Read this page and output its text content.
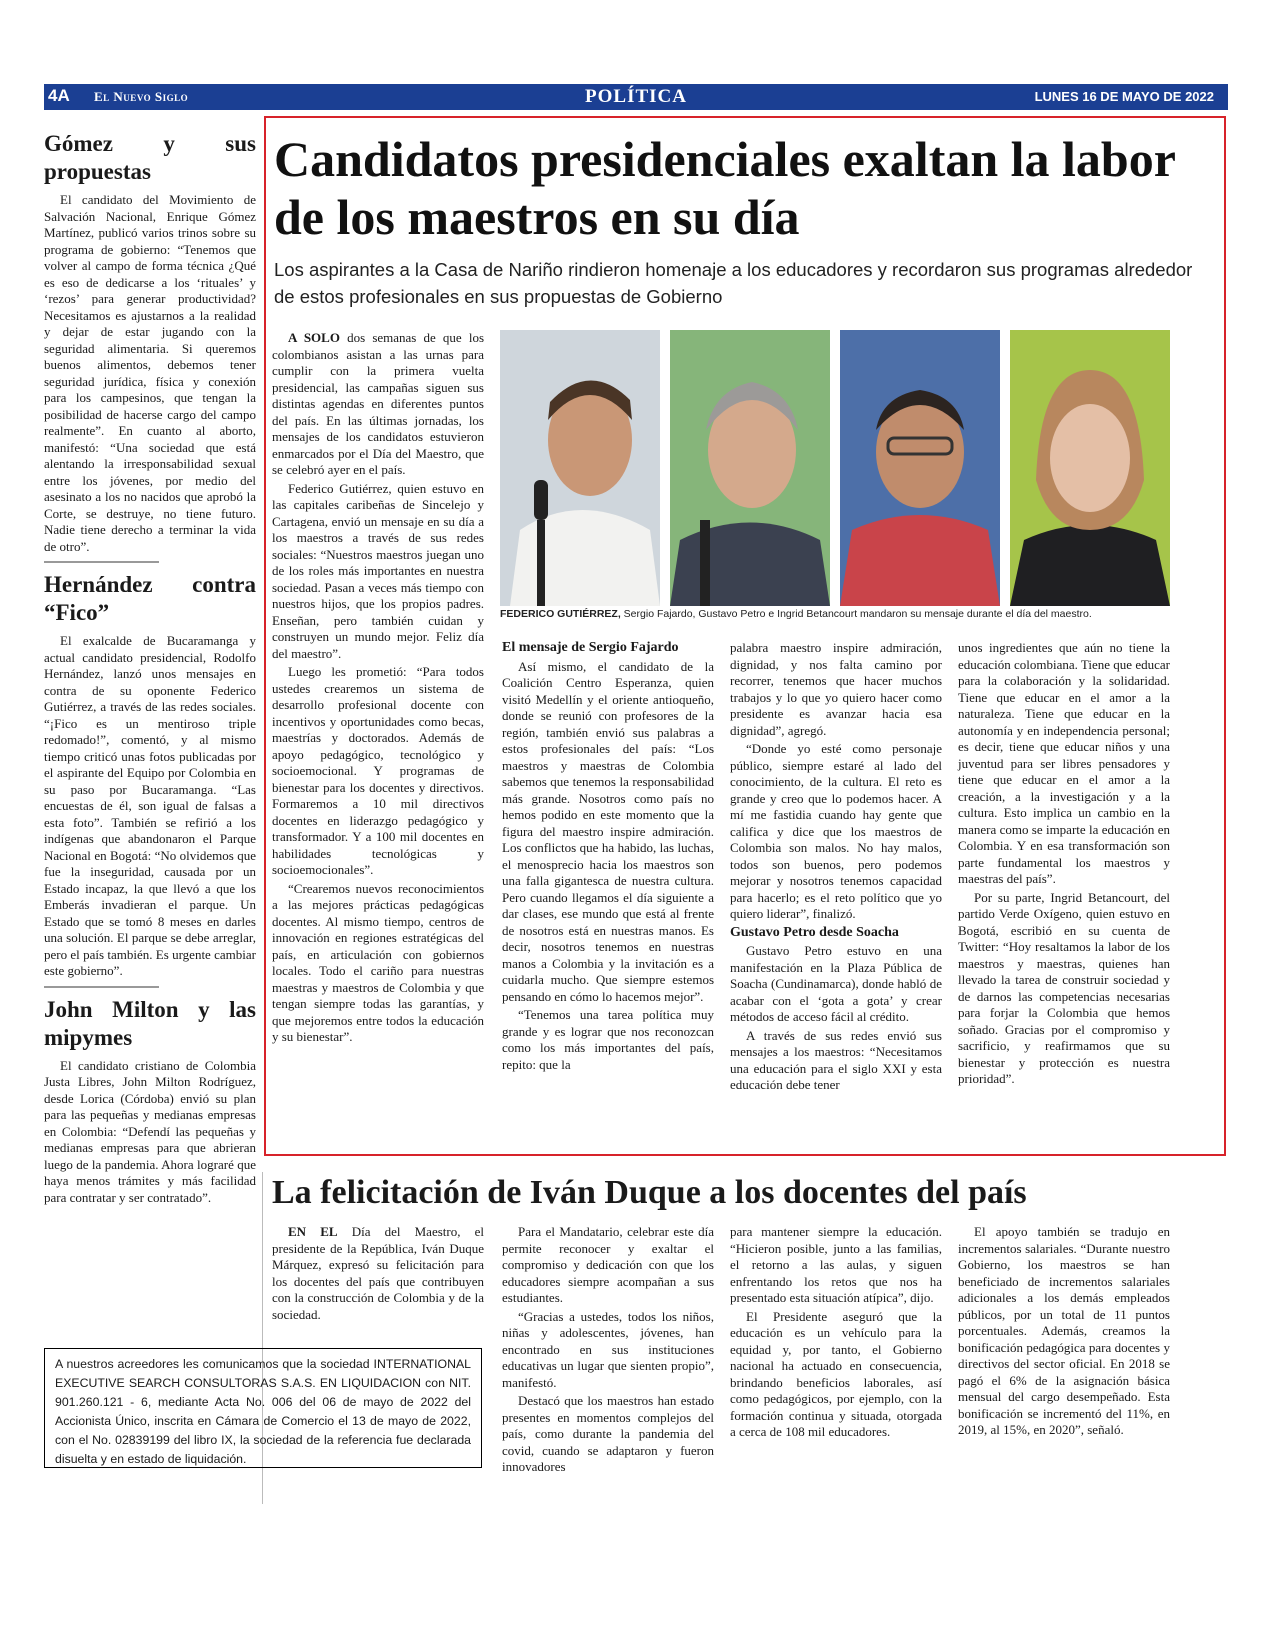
4A El Nuevo Siglo	POLÍTICA	LUNES 16 DE MAYO DE 2022
Gómez y sus propuestas

El candidato del Movimiento de Salvación Nacional, Enrique Gómez Martínez, publicó varios trinos sobre su programa de gobierno: “Tenemos que volver al campo de forma técnica ¿Qué es eso de dedicarse a los ‘rituales’ y ‘rezos’ para generar productividad? Necesitamos es ajustarnos a la realidad y dejar de estar jugando con la seguridad alimentaria. Si queremos buenos alimentos, debemos tener seguridad jurídica, física y conexión para los campesinos, que tengan la posibilidad de hacerse cargo del campo realmente”. En cuanto al aborto, manifestó: “Una sociedad que está alentando la irresponsabilidad sexual entre los jóvenes, por medio del asesinato a los no nacidos que aprobó la Corte, se destruye, no tiene futuro. Nadie tiene derecho a terminar la vida de otro”.

Hernández contra “Fico”

El exalcalde de Bucaramanga y actual candidato presidencial, Rodolfo Hernández, lanzó unos mensajes en contra de su oponente Federico Gutiérrez, a través de las redes sociales. “¡Fico es un mentiroso triple redomado!”, comentó, y al mismo tiempo criticó unas fotos publicadas por el aspirante del Equipo por Colombia en su paso por Bucaramanga. “Las encuestas de él, son igual de falsas a esta foto”. También se refirió a los indígenas que abandonaron el Parque Nacional en Bogotá: “No olvidemos que fue la inseguridad, causada por un Estado incapaz, la que llevó a que los Emberás invadieran el parque. Un Estado que se tomó 8 meses en darles una solución. El parque se debe arreglar, pero el país también. Es urgente cambiar este gobierno”.

John Milton y las mipymes

El candidato cristiano de Colombia Justa Libres, John Milton Rodríguez, desde Lorica (Córdoba) envió su plan para las pequeñas y medianas empresas en Colombia: “Defendí las pequeñas y medianas empresas para que abrieran luego de la pandemia. Ahora lograré que haya menos trámites y más facilidad para contratar y ser contratado”.

Candidatos presidenciales exaltan la labor de los maestros en su día
Los aspirantes a la Casa de Nariño rindieron homenaje a los educadores y recordaron sus programas alrededor de estos profesionales en sus propuestas de Gobierno

A SOLO dos semanas de que los colombianos asistan a las urnas para cumplir con la primera vuelta presidencial, las campañas siguen sus distintas agendas en diferentes puntos del país. En las últimas jornadas, los mensajes de los candidatos estuvieron enmarcados por el Día del Maestro, que se celebró ayer en el país.

Federico Gutiérrez, quien estuvo en las capitales caribeñas de Sincelejo y Cartagena, envió un mensaje en su día a los maestros a través de sus redes sociales: “Nuestros maestros juegan uno de los roles más importantes en nuestra sociedad. Pasan a veces más tiempo con nuestros hijos, que los propios padres. Enseñan, pero también cuidan y construyen un mundo mejor. Feliz día del maestro”.

Luego les prometió: “Para todos ustedes crearemos un sistema de desarrollo profesional docente con incentivos y oportunidades como becas, maestrías y doctorados. Además de apoyo pedagógico, tecnológico y socioemocional. Y programas de bienestar para los docentes y directivos. Formaremos a 10 mil directivos docentes en liderazgo pedagógico y transformador. Y a 100 mil docentes en habilidades tecnológicas y socioemocionales”.

“Crearemos nuevos reconocimientos a las mejores prácticas pedagógicas docentes. Al mismo tiempo, centros de innovación en regiones estratégicas del país, en articulación con gobiernos locales. Todo el cariño para nuestras maestras y maestros de Colombia y que tengan siempre todas las garantías, y que mejoremos entre todos la educación y su bienestar”.

FEDERICO GUTIÉRREZ, Sergio Fajardo, Gustavo Petro e Ingrid Betancourt mandaron su mensaje durante el día del maestro.

El mensaje de Sergio Fajardo

Así mismo, el candidato de la Coalición Centro Esperanza, quien visitó Medellín y el oriente antioqueño, donde se reunió con profesores de la región, también envió sus palabras a estos profesionales del país: “Los maestros y maestras de Colombia sabemos que tenemos la responsabilidad más grande. Nosotros como país no hemos podido en este momento que la figura del maestro inspire admiración. Los conflictos que ha habido, las luchas, el menosprecio hacia los maestros son una falla gigantesca de nuestra cultura. Pero cuando llegamos el día siguiente a dar clases, ese mundo que está al frente de nosotros está en nuestras manos. Es decir, nosotros tenemos en nuestras manos a Colombia y la invitación es a cuidarla mucho. Que siempre estemos pensando en cómo lo hacemos mejor”.

“Tenemos una tarea política muy grande y es lograr que nos reconozcan como los más importantes del país, repito: que la

palabra maestro inspire admiración, dignidad, y nos falta camino por recorrer, tenemos que hacer muchos trabajos y lo que yo quiero hacer como presidente es avanzar hacia esa dignidad”, agregó.

“Donde yo esté como personaje público, siempre estaré al lado del conocimiento, de la cultura. El reto es grande y creo que lo podemos hacer. A mí me fastidia cuando hay gente que califica y dice que los maestros de Colombia son malos. No hay malos, todos son buenos, pero podemos mejorar y nosotros tenemos capacidad para hacerlo; es el reto político que yo quiero liderar”, finalizó.

Gustavo Petro desde Soacha

Gustavo Petro estuvo en una manifestación en la Plaza Pública de Soacha (Cundinamarca), donde habló de acabar con el ‘gota a gota’ y crear métodos de acceso fácil al crédito.

A través de sus redes envió sus mensajes a los maestros: “Necesitamos una educación para el siglo XXI y esta educación debe tener

unos ingredientes que aún no tiene la educación colombiana. Tiene que educar para la colaboración y la solidaridad. Tiene que educar en el amor a la naturaleza. Tiene que educar en la autonomía y en independencia personal; es decir, tiene que educar niños y una juventud para ser libres pensadores y tiene que educar en el amor a la creación, a la investigación y a la cultura. Esto implica un cambio en la manera como se imparte la educación en Colombia. Y en esa transformación son parte fundamental los maestros y maestras del país”.

Por su parte, Ingrid Betancourt, del partido Verde Oxígeno, quien estuvo en Bogotá, escribió en su cuenta de Twitter: “Hoy resaltamos la labor de los maestros y maestras, quienes han llevado la tarea de construir sociedad y de darnos las competencias necesarias para forjar la Colombia que hemos soñado. Gracias por el compromiso y sacrificio, y reafirmamos que su bienestar y protección es nuestra prioridad”.

La felicitación de Iván Duque a los docentes del país

EN EL Día del Maestro, el presidente de la República, Iván Duque Márquez, expresó su felicitación para los docentes del país que contribuyen con la construcción de Colombia y de la sociedad.

Para el Mandatario, celebrar este día permite reconocer y exaltar el compromiso y dedicación con que los educadores siempre acompañan a sus estudiantes.

“Gracias a ustedes, todos los niños, niñas y adolescentes, jóvenes, han encontrado en sus instituciones educativas un lugar que sienten propio”, manifestó.

Destacó que los maestros han estado presentes en momentos complejos del país, como durante la pandemia del covid, cuando se adaptaron y fueron innovadores

para mantener siempre la educación. “Hicieron posible, junto a las familias, el retorno a las aulas, y siguen enfrentando los retos que nos ha presentado esta situación atípica”, dijo.

El Presidente aseguró que la educación es un vehículo para la equidad y, por tanto, el Gobierno nacional ha actuado en consecuencia, brindando beneficios laborales, así como pedagógicos, por ejemplo, con la formación continua y situada, otorgada a cerca de 108 mil educadores.

El apoyo también se tradujo en incrementos salariales. “Durante nuestro Gobierno, los maestros se han beneficiado de incrementos salariales adicionales a los demás empleados públicos, por un total de 11 puntos porcentuales. Además, creamos la bonificación pedagógica para docentes y directivos del sector oficial. En 2018 se pagó el 6% de la asignación básica mensual del cargo desempeñado. Esta bonificación se incrementó del 11%, en 2019, al 15%, en 2020”, señaló.

A nuestros acreedores les comunicamos que la sociedad INTERNATIONAL EXECUTIVE SEARCH CONSULTORAS S.A.S. EN LIQUIDACION con NIT. 901.260.121 - 6, mediante Acta No. 006 del 06 de mayo de 2022 del Accionista Único, inscrita en Cámara de Comercio el 13 de mayo de 2022, con el No. 02839199 del libro IX, la sociedad de la referencia fue declarada disuelta y en estado de liquidación.
